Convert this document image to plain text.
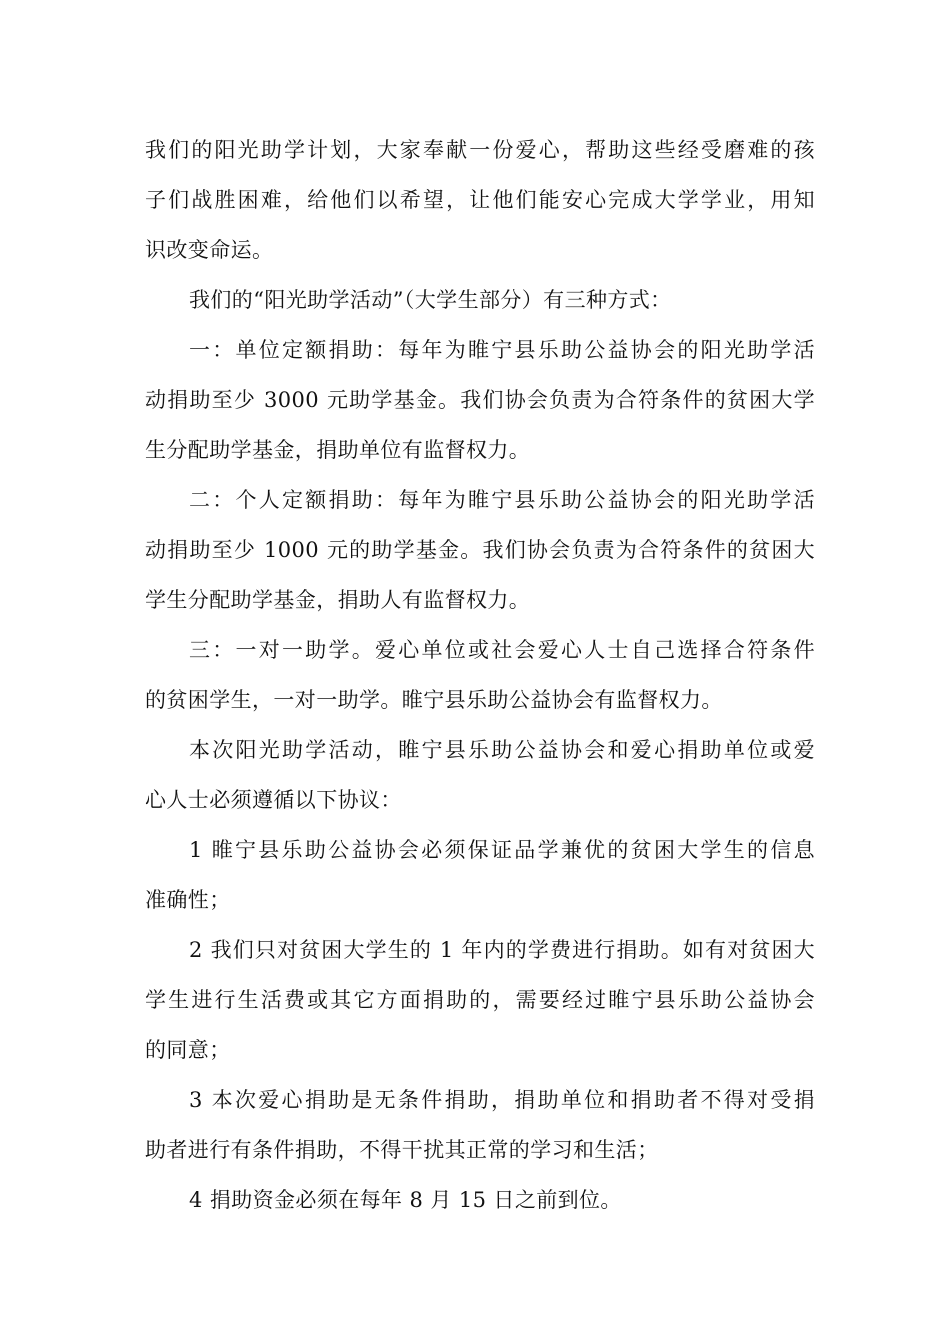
我们的阳光助学计划，大家奉献一份爱心，帮助这些经受磨难的孩
子们战胜困难，给他们以希望，让他们能安心完成大学学业，用知
识改变命运。
我们的“阳光助学活动”（大学生部分）有三种方式：
一：单位定额捐助：每年为睢宁县乐助公益协会的阳光助学活
动捐助至少 3000 元助学基金。我们协会负责为合符条件的贫困大学
生分配助学基金，捐助单位有监督权力。
二：个人定额捐助：每年为睢宁县乐助公益协会的阳光助学活
动捐助至少 1000 元的助学基金。我们协会负责为合符条件的贫困大
学生分配助学基金，捐助人有监督权力。
三：一对一助学。爱心单位或社会爱心人士自己选择合符条件
的贫困学生，一对一助学。睢宁县乐助公益协会有监督权力。
本次阳光助学活动，睢宁县乐助公益协会和爱心捐助单位或爱
心人士必须遵循以下协议：
1 睢宁县乐助公益协会必须保证品学兼优的贫困大学生的信息
准确性；
2 我们只对贫困大学生的 1 年内的学费进行捐助。如有对贫困大
学生进行生活费或其它方面捐助的，需要经过睢宁县乐助公益协会
的同意；
3 本次爱心捐助是无条件捐助，捐助单位和捐助者不得对受捐
助者进行有条件捐助，不得干扰其正常的学习和生活；
4 捐助资金必须在每年 8 月 15 日之前到位。
